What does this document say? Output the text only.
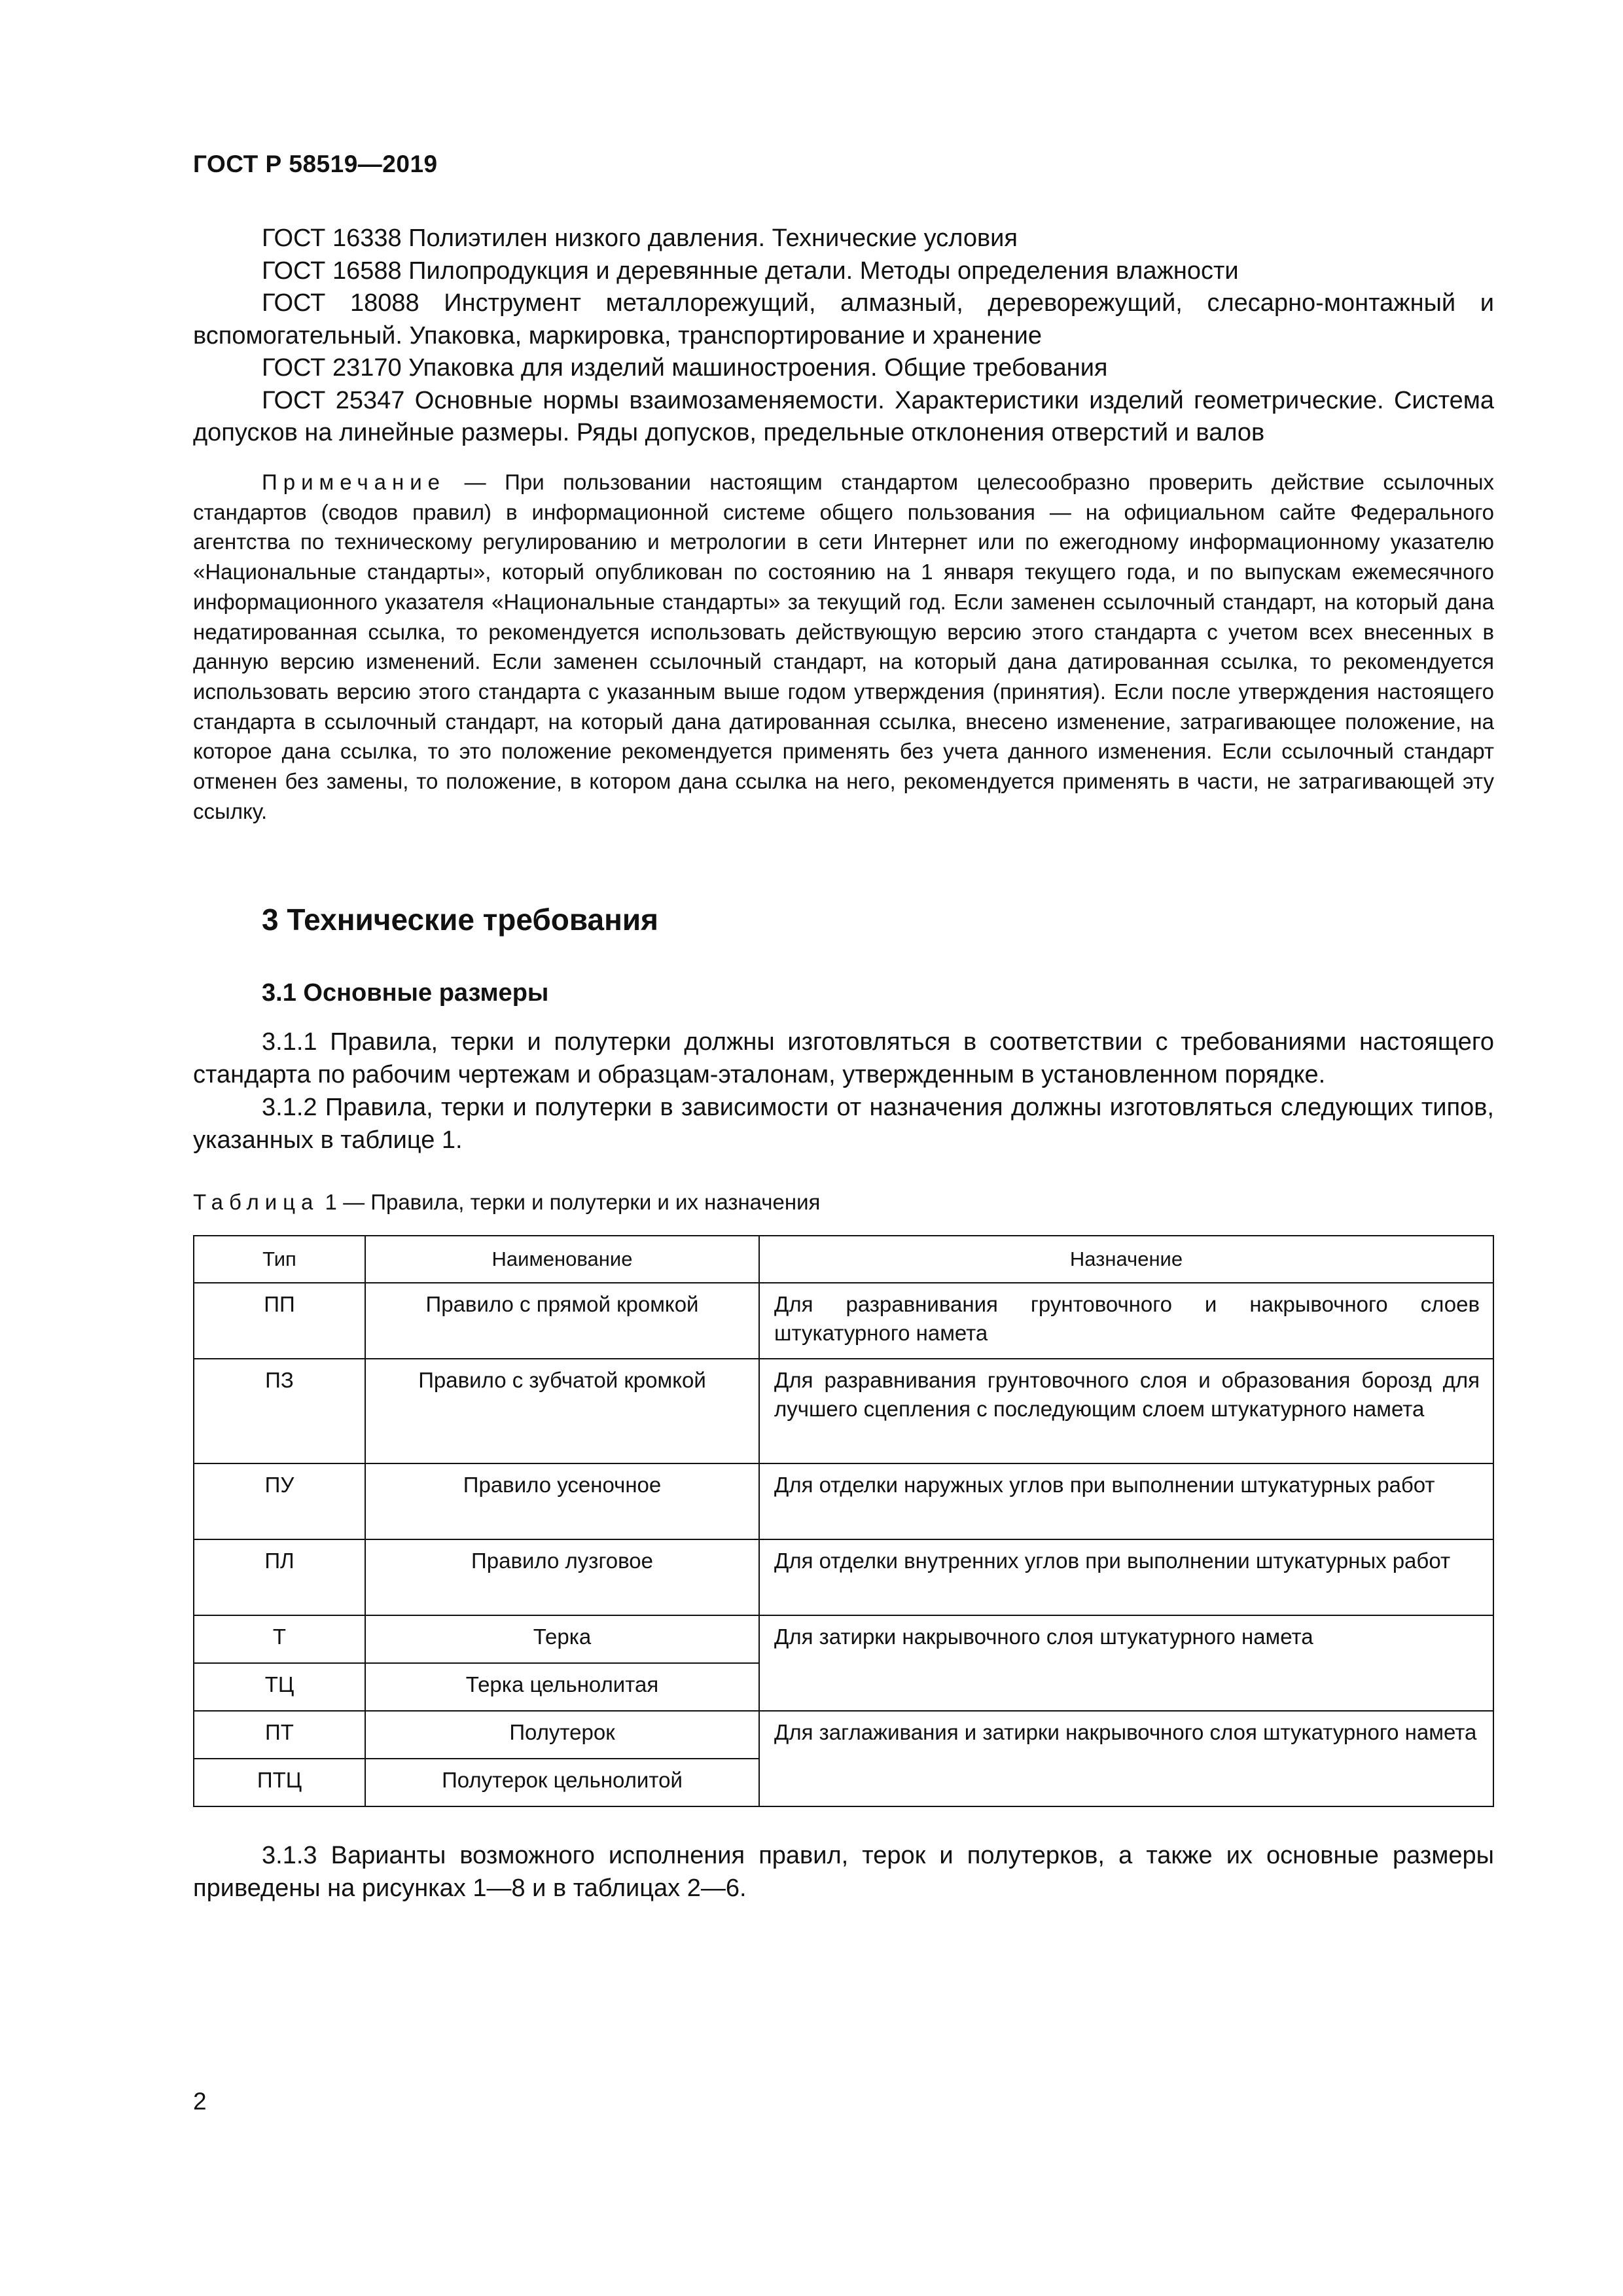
ГОСТ Р 58519—2019

ГОСТ 16338 Полиэтилен низкого давления. Технические условия

ГОСТ 16588 Пилопродукция и деревянные детали. Методы определения влажности

ГОСТ 18088 Инструмент металлорежущий, алмазный, дереворежущий, слесарно-монтажный и вспомогательный. Упаковка, маркировка, транспортирование и хранение

ГОСТ 23170 Упаковка для изделий машиностроения. Общие требования

ГОСТ 25347 Основные нормы взаимозаменяемости. Характеристики изделий геометрические. Система допусков на линейные размеры. Ряды допусков, предельные отклонения отверстий и валов

Примечание — При пользовании настоящим стандартом целесообразно проверить действие ссылочных стандартов (сводов правил) в информационной системе общего пользования — на официальном сайте Федерального агентства по техническому регулированию и метрологии в сети Интернет или по ежегодному информационному указателю «Национальные стандарты», который опубликован по состоянию на 1 января текущего года, и по выпускам ежемесячного информационного указателя «Национальные стандарты» за текущий год. Если заменен ссылочный стандарт, на который дана недатированная ссылка, то рекомендуется использовать действующую версию этого стандарта с учетом всех внесенных в данную версию изменений. Если заменен ссылочный стандарт, на который дана датированная ссылка, то рекомендуется использовать версию этого стандарта с указанным выше годом утверждения (принятия). Если после утверждения настоящего стандарта в ссылочный стандарт, на который дана датированная ссылка, внесено изменение, затрагивающее положение, на которое дана ссылка, то это положение рекомендуется применять без учета данного изменения. Если ссылочный стандарт отменен без замены, то положение, в котором дана ссылка на него, рекомендуется применять в части, не затрагивающей эту ссылку.

3 Технические требования
3.1 Основные размеры

3.1.1 Правила, терки и полутерки должны изготовляться в соответствии с требованиями настоящего стандарта по рабочим чертежам и образцам-эталонам, утвержденным в установленном порядке.

3.1.2 Правила, терки и полутерки в зависимости от назначения должны изготовляться следующих типов, указанных в таблице 1.

Таблица 1 — Правила, терки и полутерки и их назначения
Тип	Наименование	Назначение
ПП	Правило с прямой кромкой	Для разравнивания грунтовочного и накрывочного слоев штукатурного намета
ПЗ	Правило с зубчатой кромкой	Для разравнивания грунтовочного слоя и образования борозд для лучшего сцепления с последующим слоем штукатурного намета
ПУ	Правило усеночное	Для отделки наружных углов при выполнении штукатурных работ
ПЛ	Правило лузговое	Для отделки внутренних углов при выполнении штукатурных работ
Т	Терка	Для затирки накрывочного слоя штукатурного намета
ТЦ	Терка цельнолитая	
ПТ	Полутерок	Для заглаживания и затирки накрывочного слоя штукатурного намета
ПТЦ	Полутерок цельнолитой	

3.1.3 Варианты возможного исполнения правил, терок и полутерков, а также их основные размеры приведены на рисунках 1—8 и в таблицах 2—6.

2
